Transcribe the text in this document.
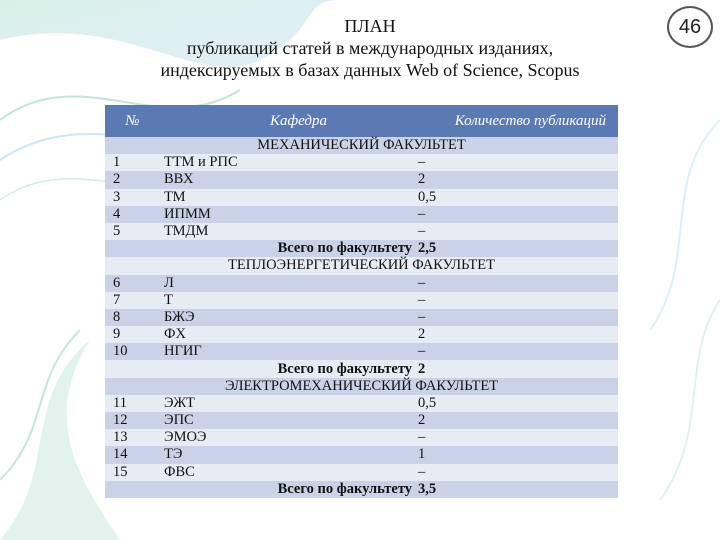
46
ПЛАН
публикаций статей в международных изданиях,
индексируемых в базах данных Web of Science, Scopus
№	Кафедра	Количество публикаций
МЕХАНИЧЕСКИЙ ФАКУЛЬТЕТ		
1	ТТМ и РПС	–
2	ВВХ	2
3	ТМ	0,5
4	ИПММ	–
5	ТМДМ	–
Всего по факультету		2,5
ТЕПЛОЭНЕРГЕТИЧЕСКИЙ ФАКУЛЬТЕТ		
6	Л	–
7	Т	–
8	БЖЭ	–
9	ФХ	2
10	НГИГ	–
Всего по факультету		2
ЭЛЕКТРОМЕХАНИЧЕСКИЙ ФАКУЛЬТЕТ		
11	ЭЖТ	0,5
12	ЭПС	2
13	ЭМОЭ	–
14	ТЭ	1
15	ФВС	–
Всего по факультету		3,5
